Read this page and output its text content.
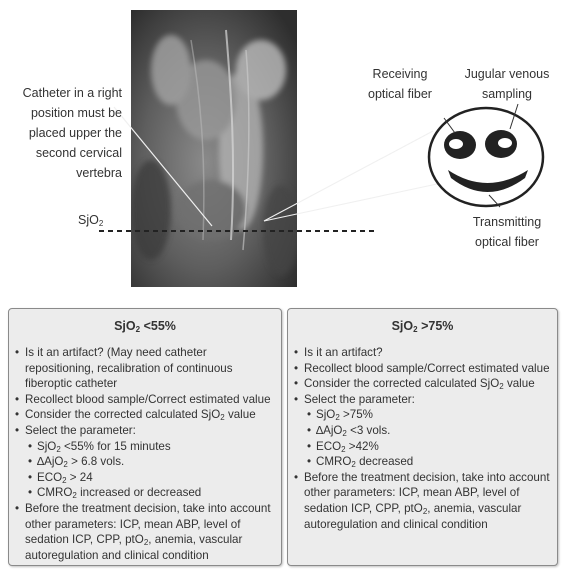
Catheter in a right
position must be
placed upper the
second cervical
vertebra
SjO$_2$
Receiving
optical fiber
Jugular venous
sampling
Transmitting
optical fiber
SjO$_2$ <55%
• Is it an artifact? (May need catheter repositioning, recalibration of continuous fiberoptic catheter
• Recollect blood sample/Correct estimated value
• Consider the corrected calculated SjO$_2$ value
• Select the parameter:
• SjO$_2$ <55% for 15 minutes
• ∆AjO$_2$ > 6.8 vols.
• $ECO_2 > 24$
• $CMRO_2$ increased or decreased
• Before the treatment decision, take into account other parameters: ICP, mean ABP, level of sedation ICP, CPP, ptO$_2$, anemia, vascular autoregulation and clinical condition
SjO$_2$ >75%
• Is it an artifact?
• Recollect blood sample/Correct estimated value
• Consider the corrected calculated SjO$_2$ value
• Select the parameter:
• SjO$_2$ >75%
• ∆AjO$_2$ <3 vols.
• $ECO_2 >42\%$
• $CMRO_2$ decreased
• Before the treatment decision, take into account other parameters: ICP, mean ABP, level of sedation ICP, CPP, ptO$_2$, anemia, vascular autoregulation and clinical condition
